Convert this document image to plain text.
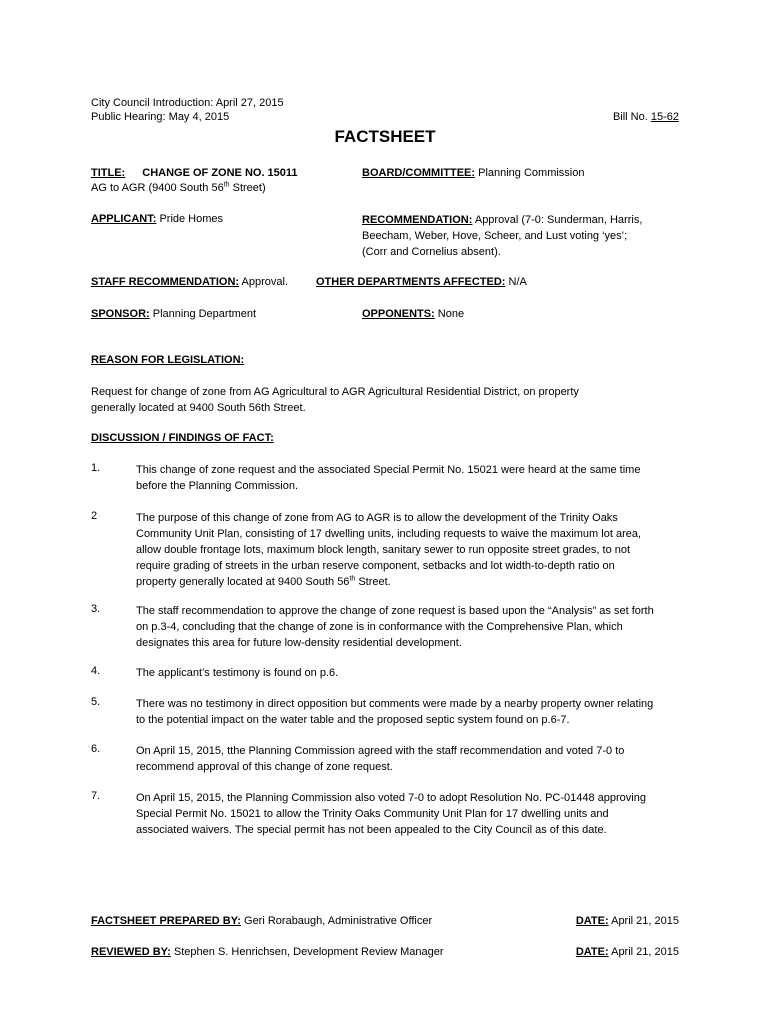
City Council Introduction: April 27, 2015
Public Hearing: May 4, 2015	Bill No. 15-62
FACTSHEET
TITLE: CHANGE OF ZONE NO. 15011
AG to AGR (9400 South 56th Street)
BOARD/COMMITTEE: Planning Commission
APPLICANT: Pride Homes	RECOMMENDATION: Approval (7-0: Sunderman, Harris,
Beecham, Weber, Hove, Scheer, and Lust voting ‘yes’;
(Corr and Cornelius absent).
STAFF RECOMMENDATION: Approval.	OTHER DEPARTMENTS AFFECTED: N/A
SPONSOR: Planning Department	OPPONENTS: None
REASON FOR LEGISLATION:
Request for change of zone from AG Agricultural to AGR Agricultural Residential District, on property
generally located at 9400 South 56th Street.
DISCUSSION / FINDINGS OF FACT:
1.	This change of zone request and the associated Special Permit No. 15021 were heard at the same time before the Planning Commission.
2	The purpose of this change of zone from AG to AGR is to allow the development of the Trinity Oaks Community Unit Plan, consisting of 17 dwelling units, including requests to waive the maximum lot area, allow double frontage lots, maximum block length, sanitary sewer to run opposite street grades, to not require grading of streets in the urban reserve component, setbacks and lot width-to-depth ratio on property generally located at 9400 South 56th Street.
3.	The staff recommendation to approve the change of zone request is based upon the “Analysis” as set forth on p.3-4, concluding that the change of zone is in conformance with the Comprehensive Plan, which designates this area for future low-density residential development.
4.	The applicant’s testimony is found on p.6.
5.	There was no testimony in direct opposition but comments were made by a nearby property owner relating to the potential impact on the water table and the proposed septic system found on p.6-7.
6.	On April 15, 2015, tthe Planning Commission agreed with the staff recommendation and voted 7-0 to recommend approval of this change of zone request.
7.	On April 15, 2015, the Planning Commission also voted 7-0 to adopt Resolution No. PC-01448 approving Special Permit No. 15021 to allow the Trinity Oaks Community Unit Plan for 17 dwelling units and associated waivers. The special permit has not been appealed to the City Council as of this date.
FACTSHEET PREPARED BY: Geri Rorabaugh, Administrative Officer	DATE: April 21, 2015
REVIEWED BY: Stephen S. Henrichsen, Development Review Manager	DATE: April 21, 2015
